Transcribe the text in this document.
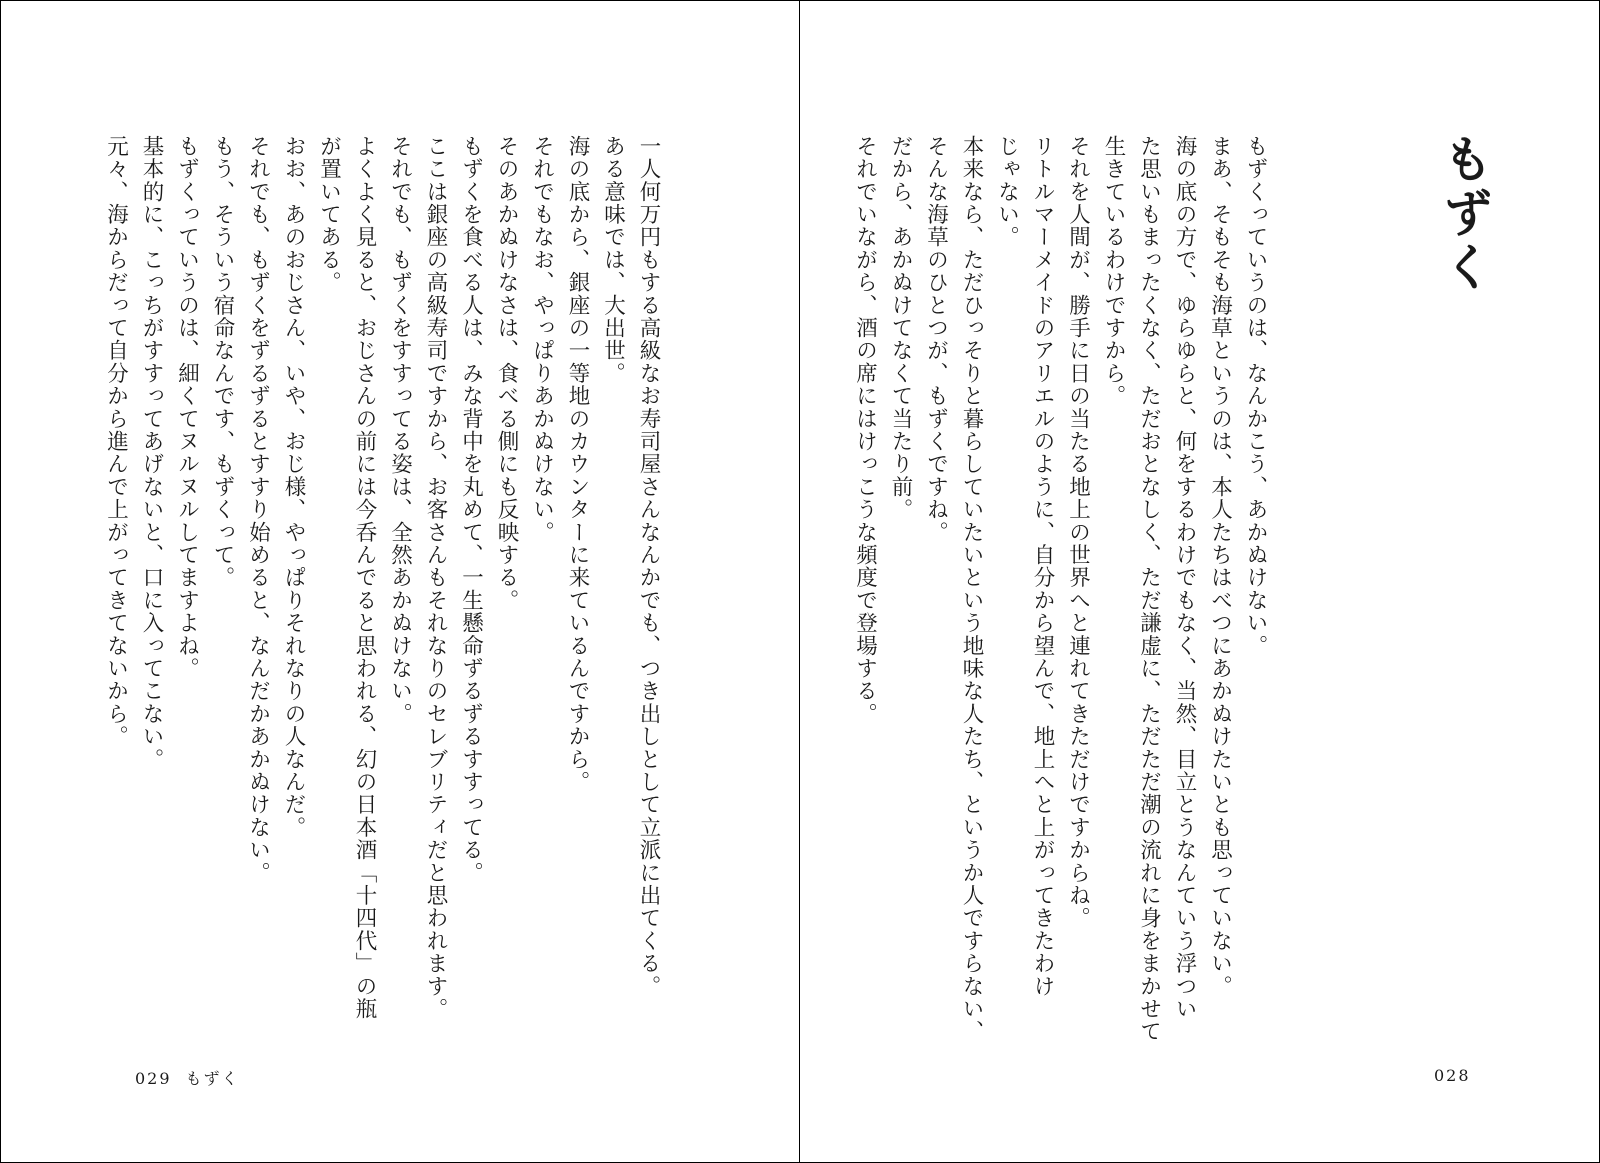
一人何万円もする高級なお寿司屋さんなんかでも、つき出しとして立派に出てくる。

ある意味では、大出世。

海の底から、銀座の一等地のカウンターに来ているんですから。

それでもなお、やっぱりあかぬけない。

そのあかぬけなさは、食べる側にも反映する。

もずくを食べる人は、みな背中を丸めて、一生懸命ずるずるすすってる。

ここは銀座の高級寿司ですから、お客さんもそれなりのセレブリティだと思われます。

それでも、もずくをすすってる姿は、全然あかぬけない。

よくよく見ると、おじさんの前には今呑んでると思われる、幻の日本酒「十四代」の瓶

が置いてある。

おお、あのおじさん、いや、おじ様、やっぱりそれなりの人なんだ。

それでも、もずくをずるずるとすすり始めると、なんだかあかぬけない。

もう、そういう宿命なんです、もずくって。

もずくっていうのは、細くてヌルヌルしてますよね。

基本的に、こっちがすすってあげないと、口に入ってこない。

元々、海からだって自分から進んで上がってきてないから。

029 もずく
もずく

もずくっていうのは、なんかこう、あかぬけない。

まあ、そもそも海草というのは、本人たちはべつにあかぬけたいとも思っていない。

海の底の方で、ゆらゆらと、何をするわけでもなく、当然、目立とうなんていう浮つい

た思いもまったくなく、ただおとなしく、ただ謙虚に、ただただ潮の流れに身をまかせて

生きているわけですから。

それを人間が、勝手に日の当たる地上の世界へと連れてきただけですからね。

リトルマーメイドのアリエルのように、自分から望んで、地上へと上がってきたわけ

じゃない。

本来なら、ただひっそりと暮らしていたいという地味な人たち、というか人ですらない、

そんな海草のひとつが、もずくですね。

だから、あかぬけてなくて当たり前。

それでいながら、酒の席にはけっこうな頻度で登場する。

028
